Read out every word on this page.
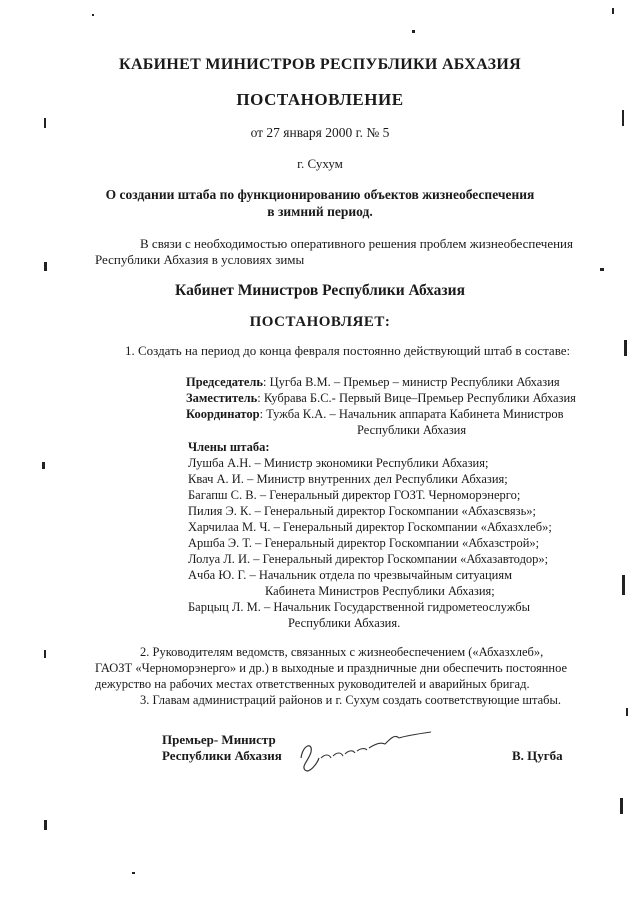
КАБИНЕТ МИНИСТРОВ РЕСПУБЛИКИ АБХАЗИЯ
ПОСТАНОВЛЕНИЕ
от 27 января 2000 г. № 5
г. Сухум
О создании штаба по функционированию объектов жизнеобеспечения
в зимний период.
В связи с необходимостью оперативного решения проблем жизнеобеспечения
Республики Абхазия в условиях зимы
Кабинет Министров Республики Абхазия
ПОСТАНОВЛЯЕТ:
1. Создать на период до конца февраля постоянно действующий штаб в составе:
Председатель: Цугба В.М. – Премьер – министр Республики Абхазия
Заместитель: Кубрава Б.С.- Первый Вице–Премьер Республики Абхазия
Координатор: Тужба К.А. – Начальник аппарата Кабинета Министров
Республики Абхазия
Члены штаба:
Лушба А.Н. – Министр экономики Республики Абхазия;
Квач А. И. – Министр внутренних дел Республики Абхазия;
Багапш С. В. – Генеральный директор ГОЗТ. Черноморэнерго;
Пилия Э. К. – Генеральный директор Госкомпании «Абхазсвязь»;
Харчилаа М. Ч. – Генеральный директор Госкомпании «Абхазхлеб»;
Аршба Э. Т. – Генеральный директор Госкомпании «Абхазстрой»;
Лолуа Л. И. – Генеральный директор Госкомпании «Абхазавтодор»;
Ачба Ю. Г. – Начальник отдела по чрезвычайным ситуациям
Кабинета Министров Республики Абхазия;
Барцыц Л. М. – Начальник Государственной гидрометеослужбы
Республики Абхазия.
2. Руководителям ведомств, связанных с жизнеобеспечением («Абхазхлеб»,
ГАОЗТ «Черноморэнерго» и др.) в выходные и праздничные дни обеспечить постоянное
дежурство на рабочих местах ответственных руководителей и аварийных бригад.
3. Главам администраций районов и г. Сухум создать соответствующие штабы.
Премьер- Министр
Республики Абхазия	В. Цугба
